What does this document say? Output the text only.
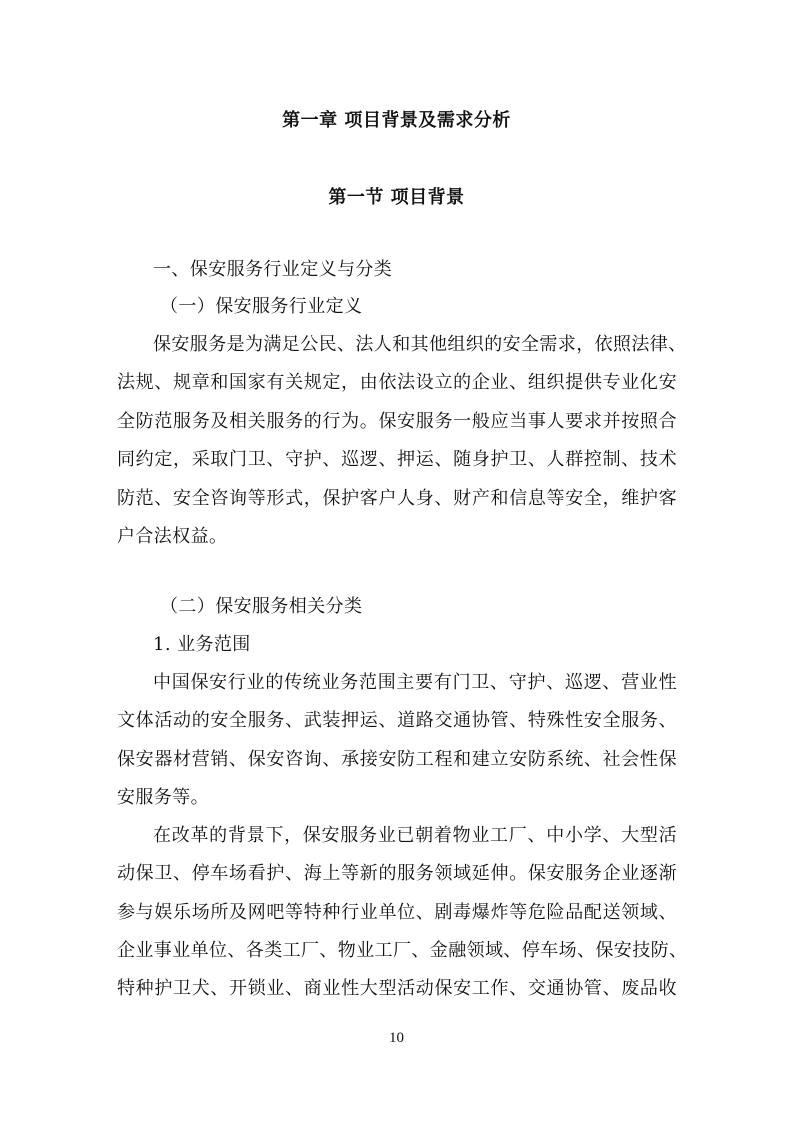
第一章 项目背景及需求分析
第一节 项目背景
一、保安服务行业定义与分类
（一）保安服务行业定义
保安服务是为满足公民、法人和其他组织的安全需求，依照法律、
法规、规章和国家有关规定，由依法设立的企业、组织提供专业化安
全防范服务及相关服务的行为。保安服务一般应当事人要求并按照合
同约定，采取门卫、守护、巡逻、押运、随身护卫、人群控制、技术
防范、安全咨询等形式，保护客户人身、财产和信息等安全，维护客
户合法权益。
（二）保安服务相关分类
1. 业务范围
中国保安行业的传统业务范围主要有门卫、守护、巡逻、营业性
文体活动的安全服务、武装押运、道路交通协管、特殊性安全服务、
保安器材营销、保安咨询、承接安防工程和建立安防系统、社会性保
安服务等。
在改革的背景下，保安服务业已朝着物业工厂、中小学、大型活
动保卫、停车场看护、海上等新的服务领域延伸。保安服务企业逐渐
参与娱乐场所及网吧等特种行业单位、剧毒爆炸等危险品配送领域、
企业事业单位、各类工厂、物业工厂、金融领域、停车场、保安技防、
特种护卫犬、开锁业、商业性大型活动保安工作、交通协管、废品收
10
